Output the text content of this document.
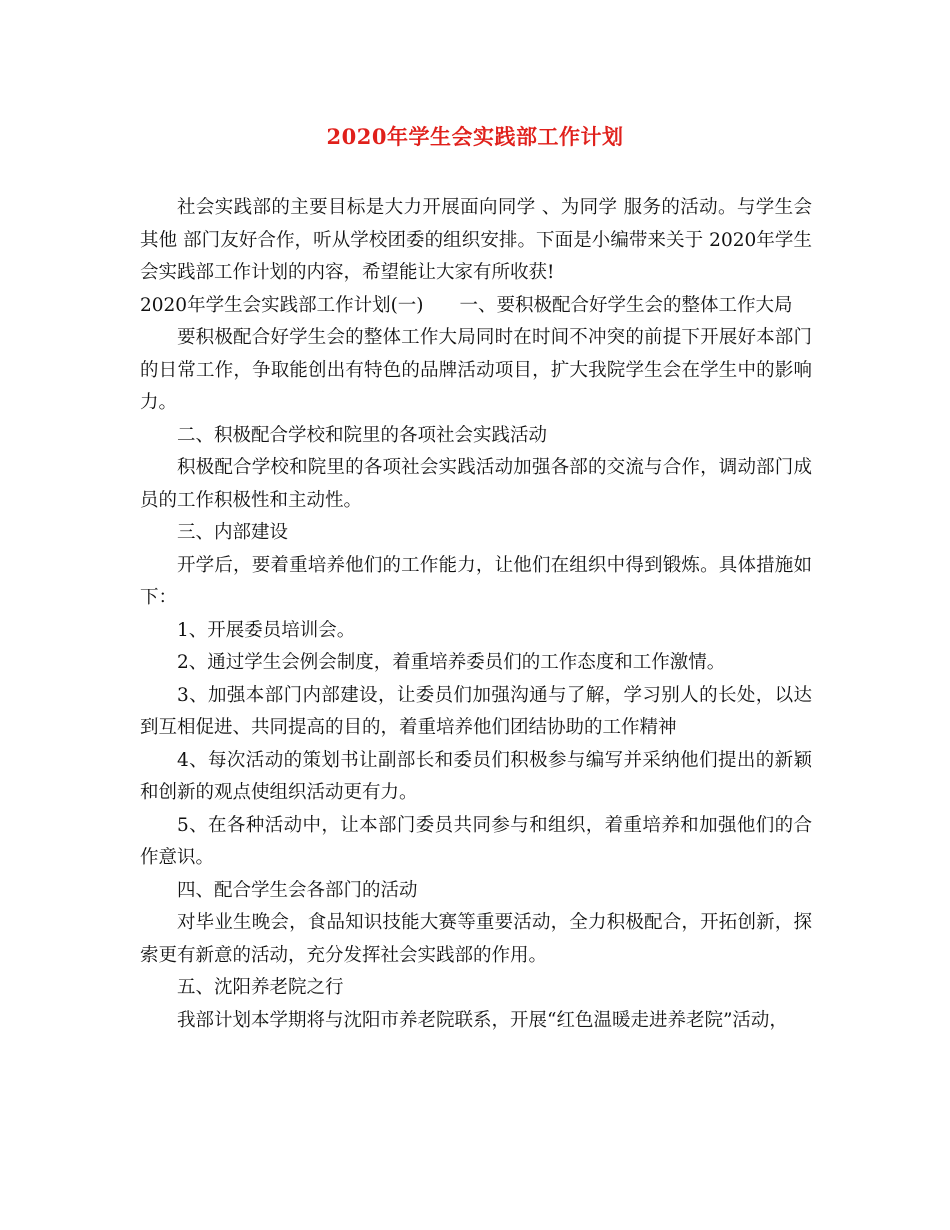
2020年学生会实践部工作计划

社会实践部的主要目标是大力开展面向同学 、为同学 服务的活动。与学生会其他 部门友好合作，听从学校团委的组织安排。下面是小编带来关于 2020年学生会实践部工作计划的内容，希望能让大家有所收获!

2020年学生会实践部工作计划(一) 一、要积极配合好学生会的整体工作大局

要积极配合好学生会的整体工作大局同时在时间不冲突的前提下开展好本部门的日常工作，争取能创出有特色的品牌活动项目，扩大我院学生会在学生中的影响力。

二、积极配合学校和院里的各项社会实践活动

积极配合学校和院里的各项社会实践活动加强各部的交流与合作，调动部门成员的工作积极性和主动性。

三、内部建设

开学后，要着重培养他们的工作能力，让他们在组织中得到锻炼。具体措施如下：

1、开展委员培训会。

2、通过学生会例会制度，着重培养委员们的工作态度和工作激情。

3、加强本部门内部建设，让委员们加强沟通与了解，学习别人的长处，以达到互相促进、共同提高的目的，着重培养他们团结协助的工作精神

4、每次活动的策划书让副部长和委员们积极参与编写并采纳他们提出的新颖和创新的观点使组织活动更有力。

5、在各种活动中，让本部门委员共同参与和组织，着重培养和加强他们的合作意识。

四、配合学生会各部门的活动

对毕业生晚会，食品知识技能大赛等重要活动，全力积极配合，开拓创新，探索更有新意的活动，充分发挥社会实践部的作用。

五、沈阳养老院之行

我部计划本学期将与沈阳市养老院联系，开展“红色温暖走进养老院”活动，
